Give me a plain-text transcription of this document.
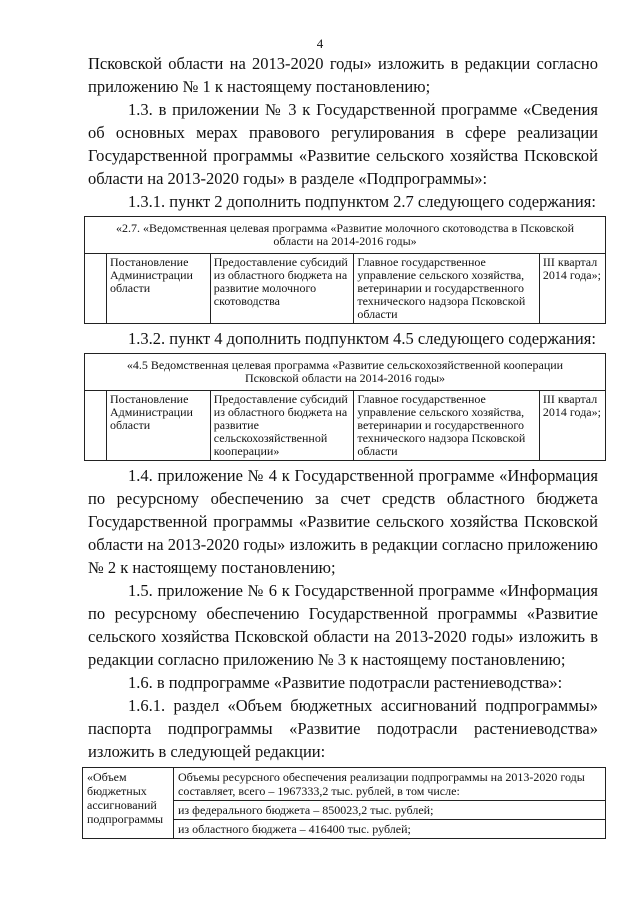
4

Псковской области на 2013-2020 годы» изложить в редакции согласно приложению № 1 к настоящему постановлению;

1.3. в приложении № 3 к Государственной программе «Сведения об основных мерах правового регулирования в сфере реализации Государственной программы «Развитие сельского хозяйства Псковской области на 2013-2020 годы» в разделе «Подпрограммы»:

1.3.1. пункт 2 дополнить подпунктом 2.7 следующего содержания:

«2.7. «Ведомственная целевая программа «Развитие молочного скотоводства в Псковской области на 2014-2016 годы»
	Постановление Администрации области	Предоставление субсидий из областного бюджета на развитие молочного скотоводства	Главное государственное управление сельского хозяйства, ветеринарии и государственного технического надзора Псковской области	III квартал 2014 года»;

1.3.2. пункт 4 дополнить подпунктом 4.5 следующего содержания:

«4.5 Ведомственная целевая программа «Развитие сельскохозяйственной кооперации Псковской области на 2014-2016 годы»
	Постановление Администрации области	Предоставление субсидий из областного бюджета на развитие сельскохозяйственной кооперации»	Главное государственное управление сельского хозяйства, ветеринарии и государственного технического надзора Псковской области	III квартал 2014 года»;

1.4. приложение № 4 к Государственной программе «Информация по ресурсному обеспечению за счет средств областного бюджета Государственной программы «Развитие сельского хозяйства Псковской области на 2013-2020 годы» изложить в редакции согласно приложению № 2 к настоящему постановлению;

1.5. приложение № 6 к Государственной программе «Информация по ресурсному обеспечению Государственной программы «Развитие сельского хозяйства Псковской области на 2013-2020 годы» изложить в редакции согласно приложению № 3 к настоящему постановлению;

1.6. в подпрограмме «Развитие подотрасли растениеводства»:

1.6.1. раздел «Объем бюджетных ассигнований подпрограммы» паспорта подпрограммы «Развитие подотрасли растениеводства» изложить в следующей редакции:

«Объем бюджетных ассигнований подпрограммы	Объемы ресурсного обеспечения реализации подпрограммы на 2013-2020 годы составляет, всего – 1967333,2 тыс. рублей, в том числе:
из федерального бюджета – 850023,2 тыс. рублей;
из областного бюджета – 416400 тыс. рублей;
